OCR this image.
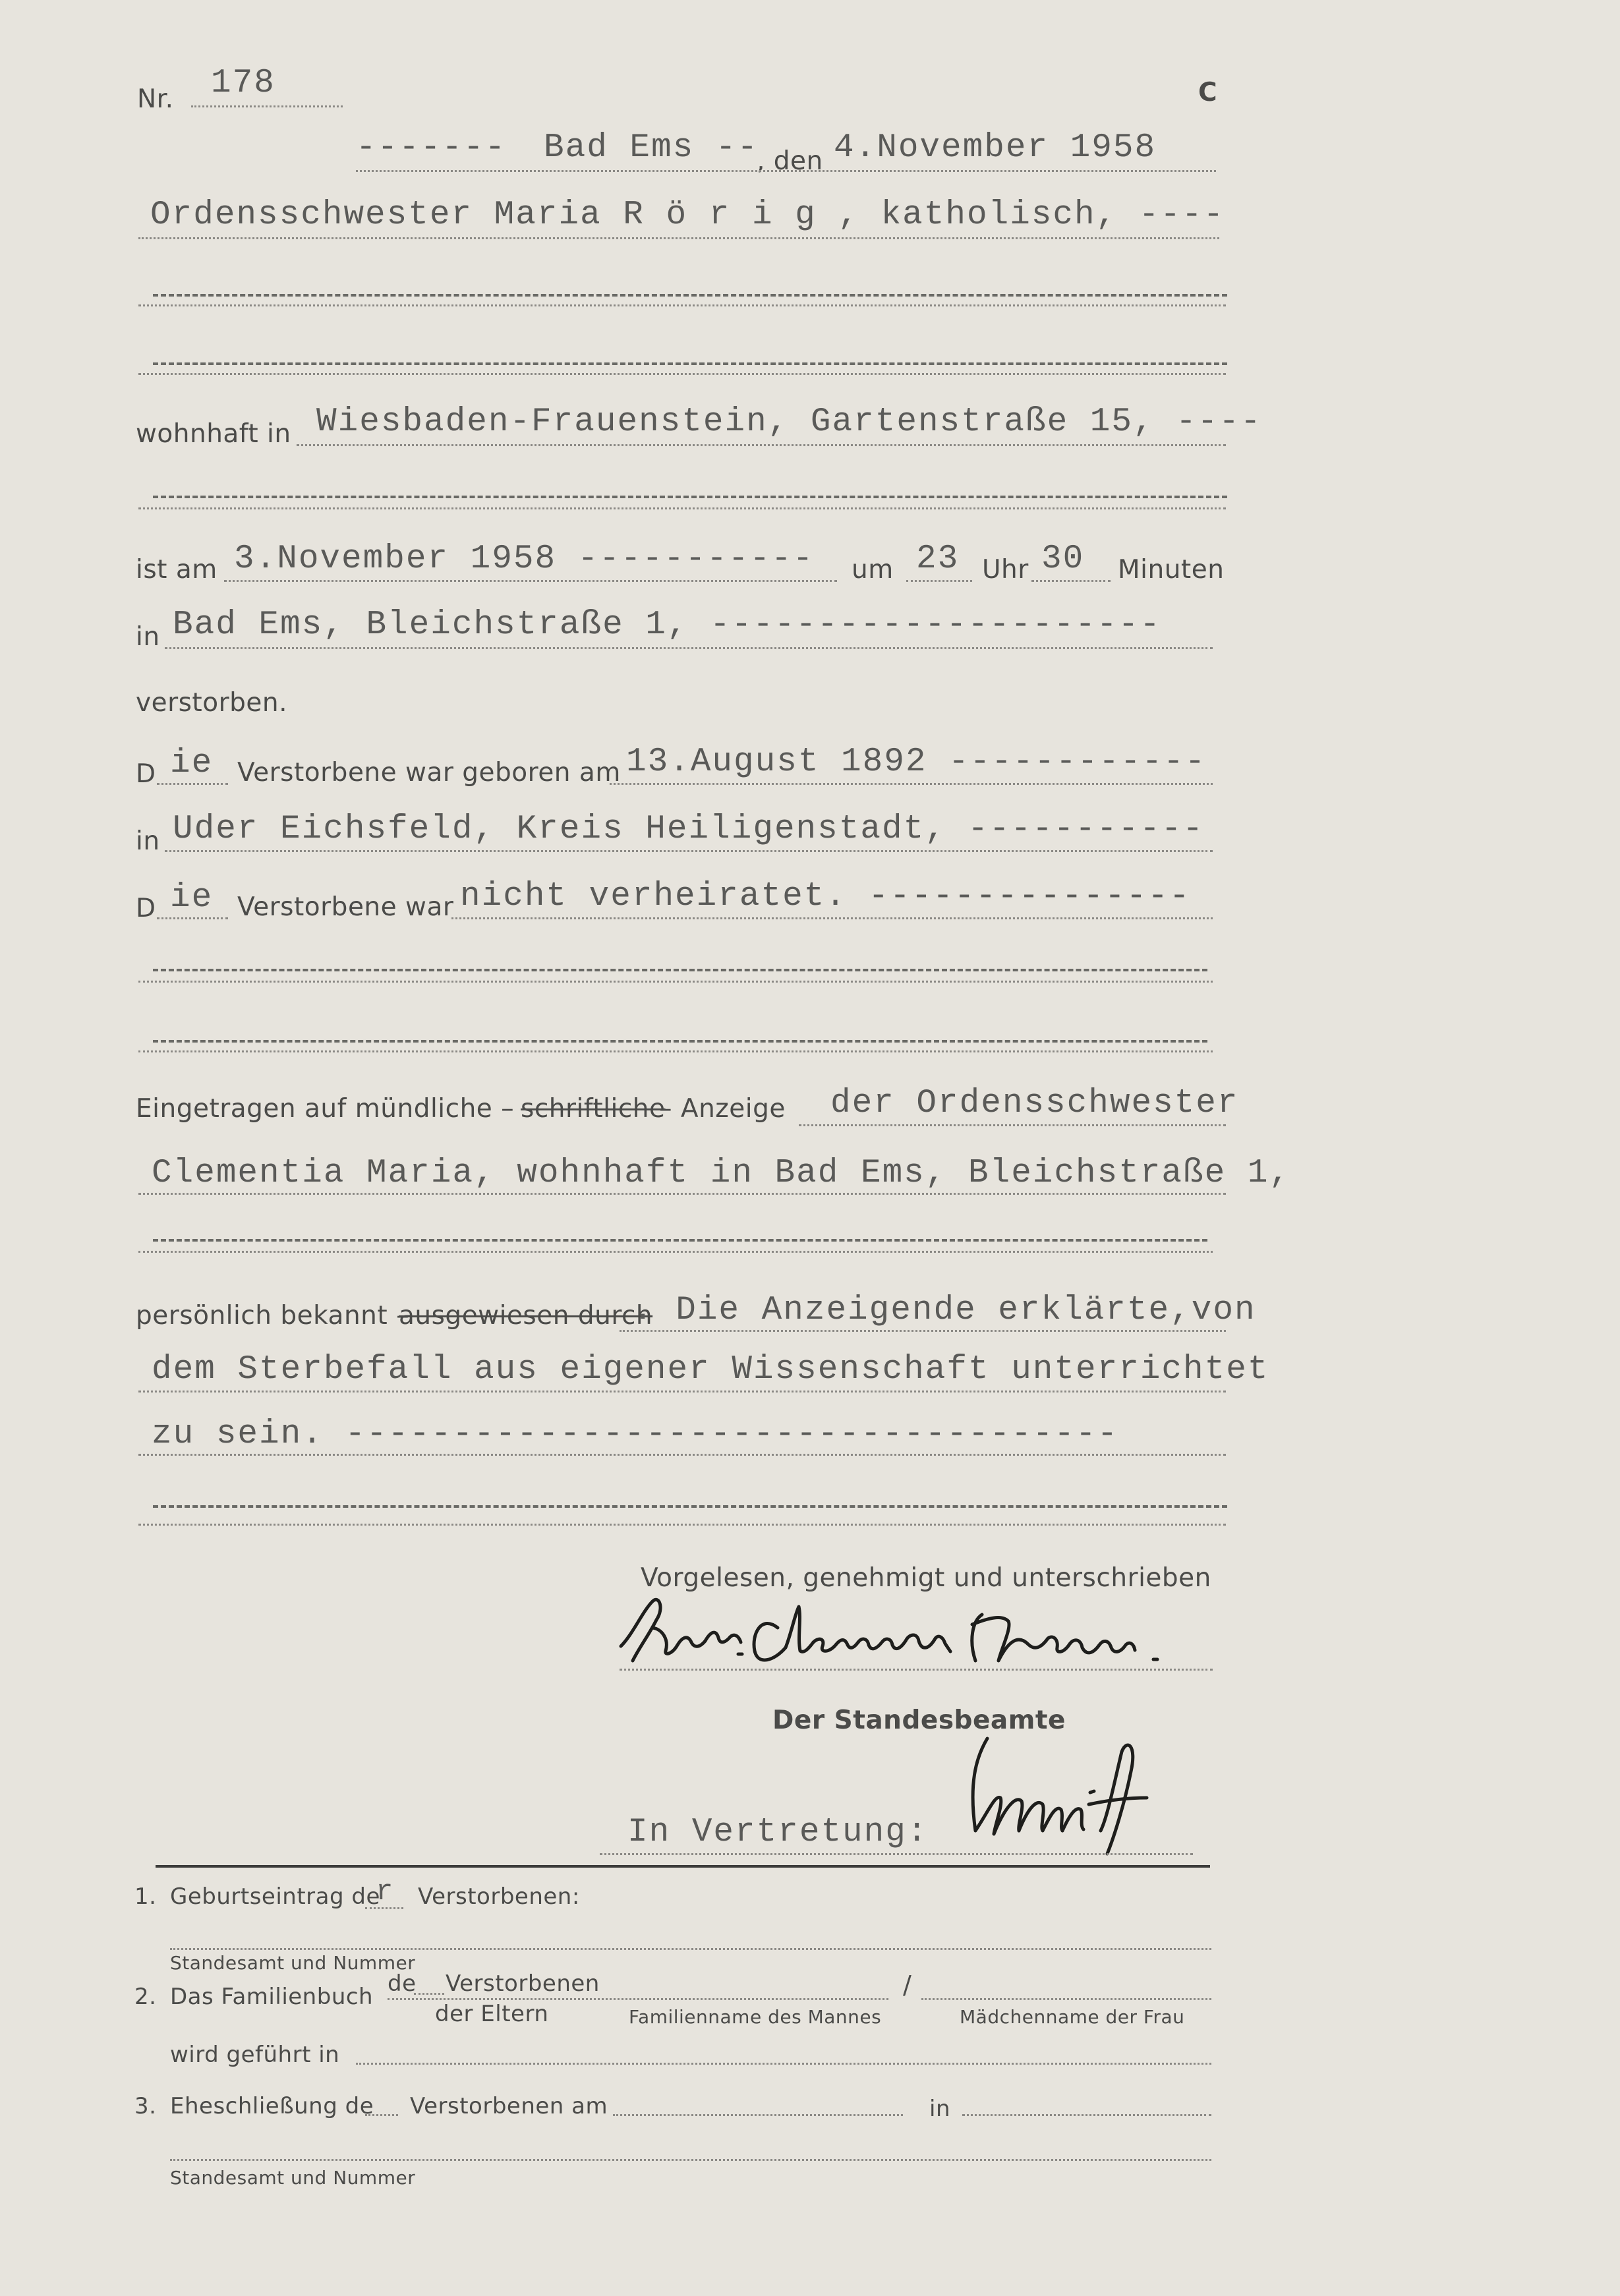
Nr. 178	C
------- Bad Ems --
, den 4.November 1958
Ordensschwester Maria R ö r i g , katholisch, ----
wohnhaft in Wiesbaden-Frauenstein, Gartenstraße 15, ----
ist am 3.November 1958 ----------- um 23 Uhr 30 Minuten
in Bad Ems, Bleichstraße 1, ---------------------
verstorben.
D ie Verstorbene war geboren am 13.August 1892 ------------
in Uder Eichsfeld, Kreis Heiligenstadt, -----------
D ie Verstorbene war nicht verheiratet. ---------------
Eingetragen auf mündliche – schriftliche
– Anzeige der Ordensschwester
Clementia Maria, wohnhaft in Bad Ems, Bleichstraße 1,
persönlich bekannt –
ausgewiesen durch
. Die Anzeigende erklärte,von
dem Sterbefall aus eigener Wissenschaft unterrichtet
zu sein. ------------------------------------
Vorgelesen, genehmigt und unterschrieben
Der Standesbeamte
In Vertretung:
1. Geburtseintrag de
r Verstorbenen:
Standesamt und Nummer
2. Das Familienbuch de Verstorbenen
der Eltern
/
Familienname des Mannes	Mädchenname der Frau
wird geführt in
3. Eheschließung de Verstorbenen am	in
Standesamt und Nummer
